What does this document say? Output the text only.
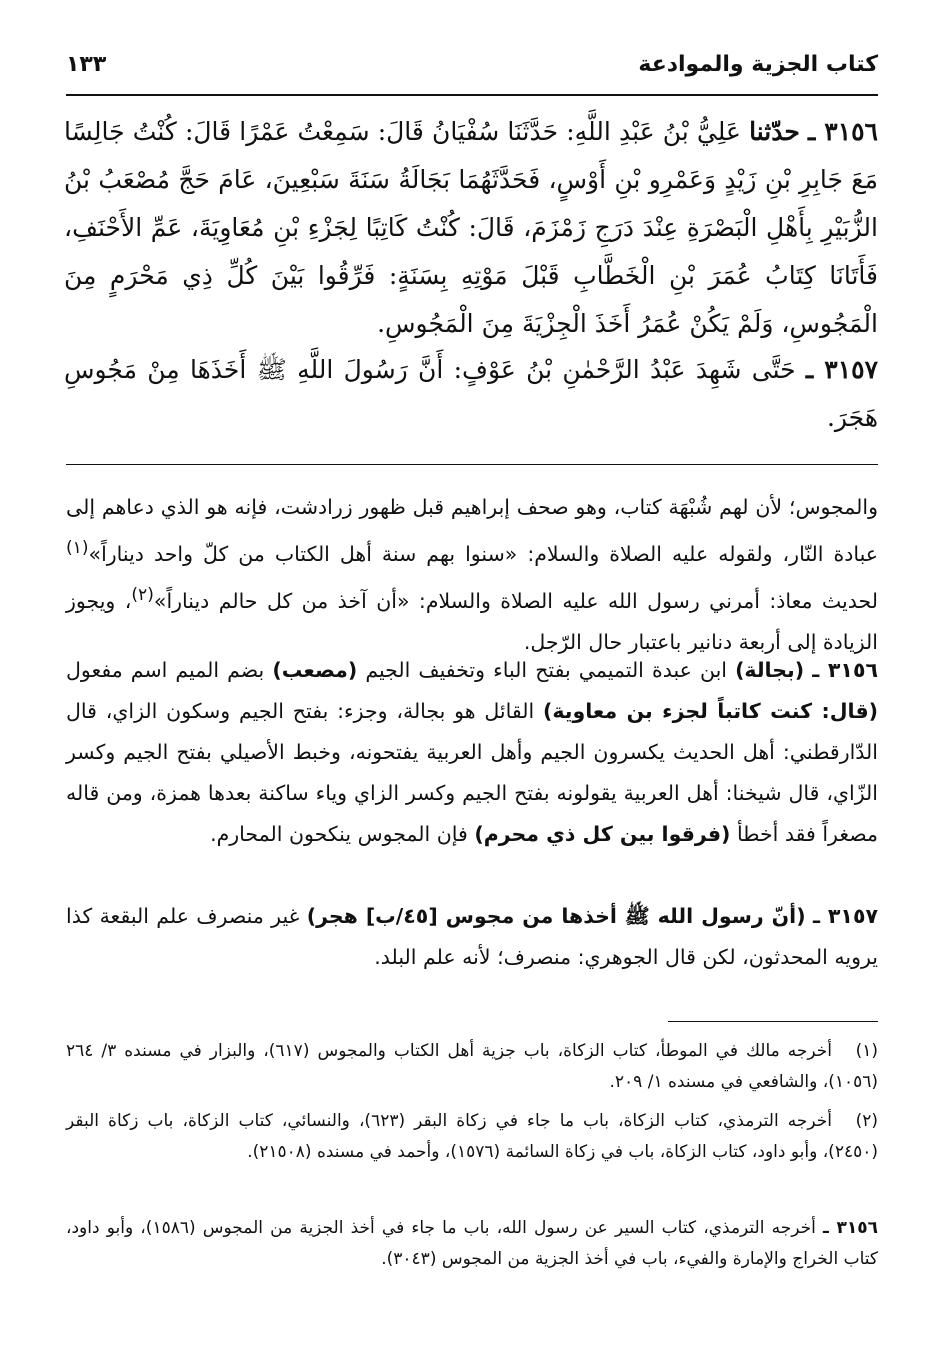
كتاب الجزية والموادعة
١٣٣
٣١٥٦ ـ حدّثنا عَلِيُّ بْنُ عَبْدِ اللَّهِ: حَدَّثَنَا سُفْيَانُ قَالَ: سَمِعْتُ عَمْرًا قَالَ: كُنْتُ جَالِسًا مَعَ جَابِرِ بْنِ زَيْدٍ وَعَمْرِو بْنِ أَوْسٍ، فَحَدَّثَهُمَا بَجَالَةُ سَنَةَ سَبْعِينَ، عَامَ حَجَّ مُصْعَبُ بْنُ الزُّبَيْرِ بِأَهْلِ الْبَصْرَةِ عِنْدَ دَرَجِ زَمْزَمَ، قَالَ: كُنْتُ كَاتِبًا لِجَزْءِ بْنِ مُعَاوِيَةَ، عَمِّ الأَحْنَفِ، فَأَتَانَا كِتَابُ عُمَرَ بْنِ الْخَطَّابِ قَبْلَ مَوْتِهِ بِسَنَةٍ: فَرِّقُوا بَيْنَ كُلِّ ذِي مَحْرَمٍ مِنَ الْمَجُوسِ، وَلَمْ يَكُنْ عُمَرُ أَخَذَ الْجِزْيَةَ مِنَ الْمَجُوسِ.
٣١٥٧ ـ حَتَّى شَهِدَ عَبْدُ الرَّحْمٰنِ بْنُ عَوْفٍ: أَنَّ رَسُولَ اللَّهِ ﷺ أَخَذَهَا مِنْ مَجُوسِ هَجَرَ.
والمجوس؛ لأن لهم شُبْهَة كتاب، وهو صحف إبراهيم قبل ظهور زرادشت، فإنه هو الذي دعاهم إلى عبادة النّار، ولقوله عليه الصلاة والسلام: «سنوا بهم سنة أهل الكتاب من كلّ واحد ديناراً»$^{(١)}$ لحديث معاذ: أمرني رسول الله عليه الصلاة والسلام: «أن آخذ من كل حالم ديناراً»$^{(٢)}$، ويجوز الزيادة إلى أربعة دنانير باعتبار حال الرّجل.
٣١٥٦ ـ (بجالة) ابن عبدة التميمي بفتح الباء وتخفيف الجيم (مصعب) بضم الميم اسم مفعول (قال: كنت كاتباً لجزء بن معاوية) القائل هو بجالة، وجزء: بفتح الجيم وسكون الزاي، قال الدّارقطني: أهل الحديث يكسرون الجيم وأهل العربية يفتحونه، وخبط الأصيلي بفتح الجيم وكسر الزّاي، قال شيخنا: أهل العربية يقولونه بفتح الجيم وكسر الزاي وياء ساكنة بعدها همزة، ومن قاله مصغراً فقد أخطأ (فرقوا بين كل ذي محرم) فإن المجوس ينكحون المحارم.
٣١٥٧ ـ (أنّ رسول الله ﷺ أخذها من مجوس [٤٥/ب] هجر) غير منصرف علم البقعة كذا يرويه المحدثون، لكن قال الجوهري: منصرف؛ لأنه علم البلد.
(١)أخرجه مالك في الموطأ، كتاب الزكاة، باب جزية أهل الكتاب والمجوس (٦١٧)، والبزار في مسنده ٣/ ٢٦٤ (١٠٥٦)، والشافعي في مسنده ١/ ٢٠٩.
(٢)أخرجه الترمذي، كتاب الزكاة، باب ما جاء في زكاة البقر (٦٢٣)، والنسائي، كتاب الزكاة، باب زكاة البقر (٢٤٥٠)، وأبو داود، كتاب الزكاة، باب في زكاة السائمة (١٥٧٦)، وأحمد في مسنده (٢١٥٠٨).
٣١٥٦ ـ أخرجه الترمذي، كتاب السير عن رسول الله، باب ما جاء في أخذ الجزية من المجوس (١٥٨٦)، وأبو داود، كتاب الخراج والإمارة والفيء، باب في أخذ الجزية من المجوس (٣٠٤٣).
